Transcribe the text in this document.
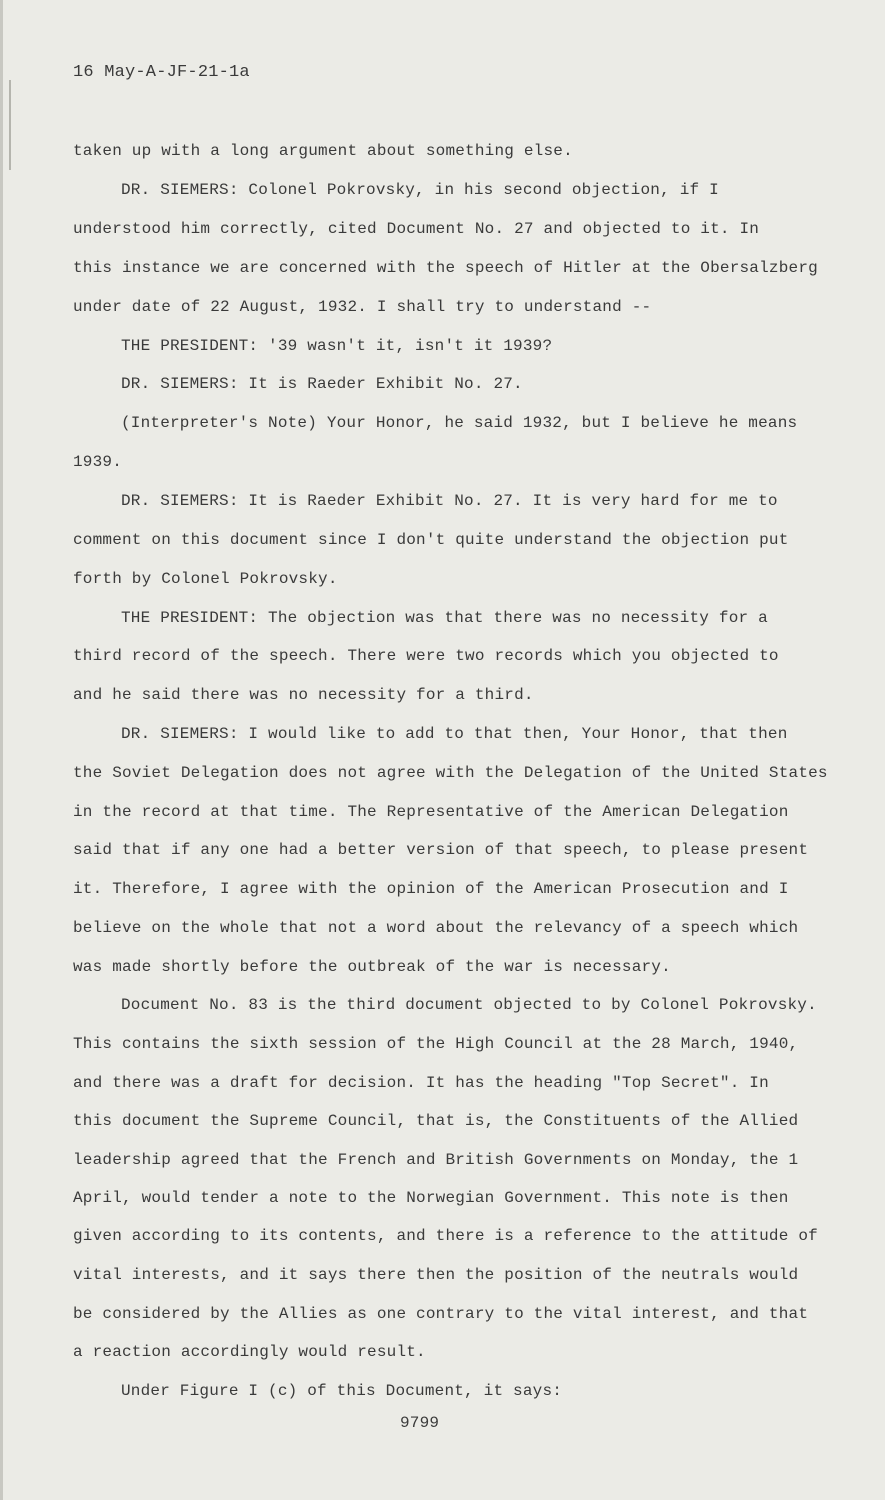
16 May-A-JF-21-1a
taken up with a long argument about something else.
DR. SIEMERS: Colonel Pokrovsky, in his second objection, if I
understood him correctly, cited Document No. 27 and objected to it. In
this instance we are concerned with the speech of Hitler at the Obersalzberg
under date of 22 August, 1932. I shall try to understand --
THE PRESIDENT: '39 wasn't it, isn't it 1939?
DR. SIEMERS: It is Raeder Exhibit No. 27.
(Interpreter's Note) Your Honor, he said 1932, but I believe he means
1939.
DR. SIEMERS: It is Raeder Exhibit No. 27. It is very hard for me to
comment on this document since I don't quite understand the objection put
forth by Colonel Pokrovsky.
THE PRESIDENT: The objection was that there was no necessity for a
third record of the speech. There were two records which you objected to
and he said there was no necessity for a third.
DR. SIEMERS: I would like to add to that then, Your Honor, that then
the Soviet Delegation does not agree with the Delegation of the United States
in the record at that time. The Representative of the American Delegation
said that if any one had a better version of that speech, to please present
it. Therefore, I agree with the opinion of the American Prosecution and I
believe on the whole that not a word about the relevancy of a speech which
was made shortly before the outbreak of the war is necessary.
Document No. 83 is the third document objected to by Colonel Pokrovsky.
This contains the sixth session of the High Council at the 28 March, 1940,
and there was a draft for decision. It has the heading "Top Secret". In
this document the Supreme Council, that is, the Constituents of the Allied
leadership agreed that the French and British Governments on Monday, the 1
April, would tender a note to the Norwegian Government. This note is then
given according to its contents, and there is a reference to the attitude of
vital interests, and it says there then the position of the neutrals would
be considered by the Allies as one contrary to the vital interest, and that
a reaction accordingly would result.
Under Figure I (c) of this Document, it says:
9799
